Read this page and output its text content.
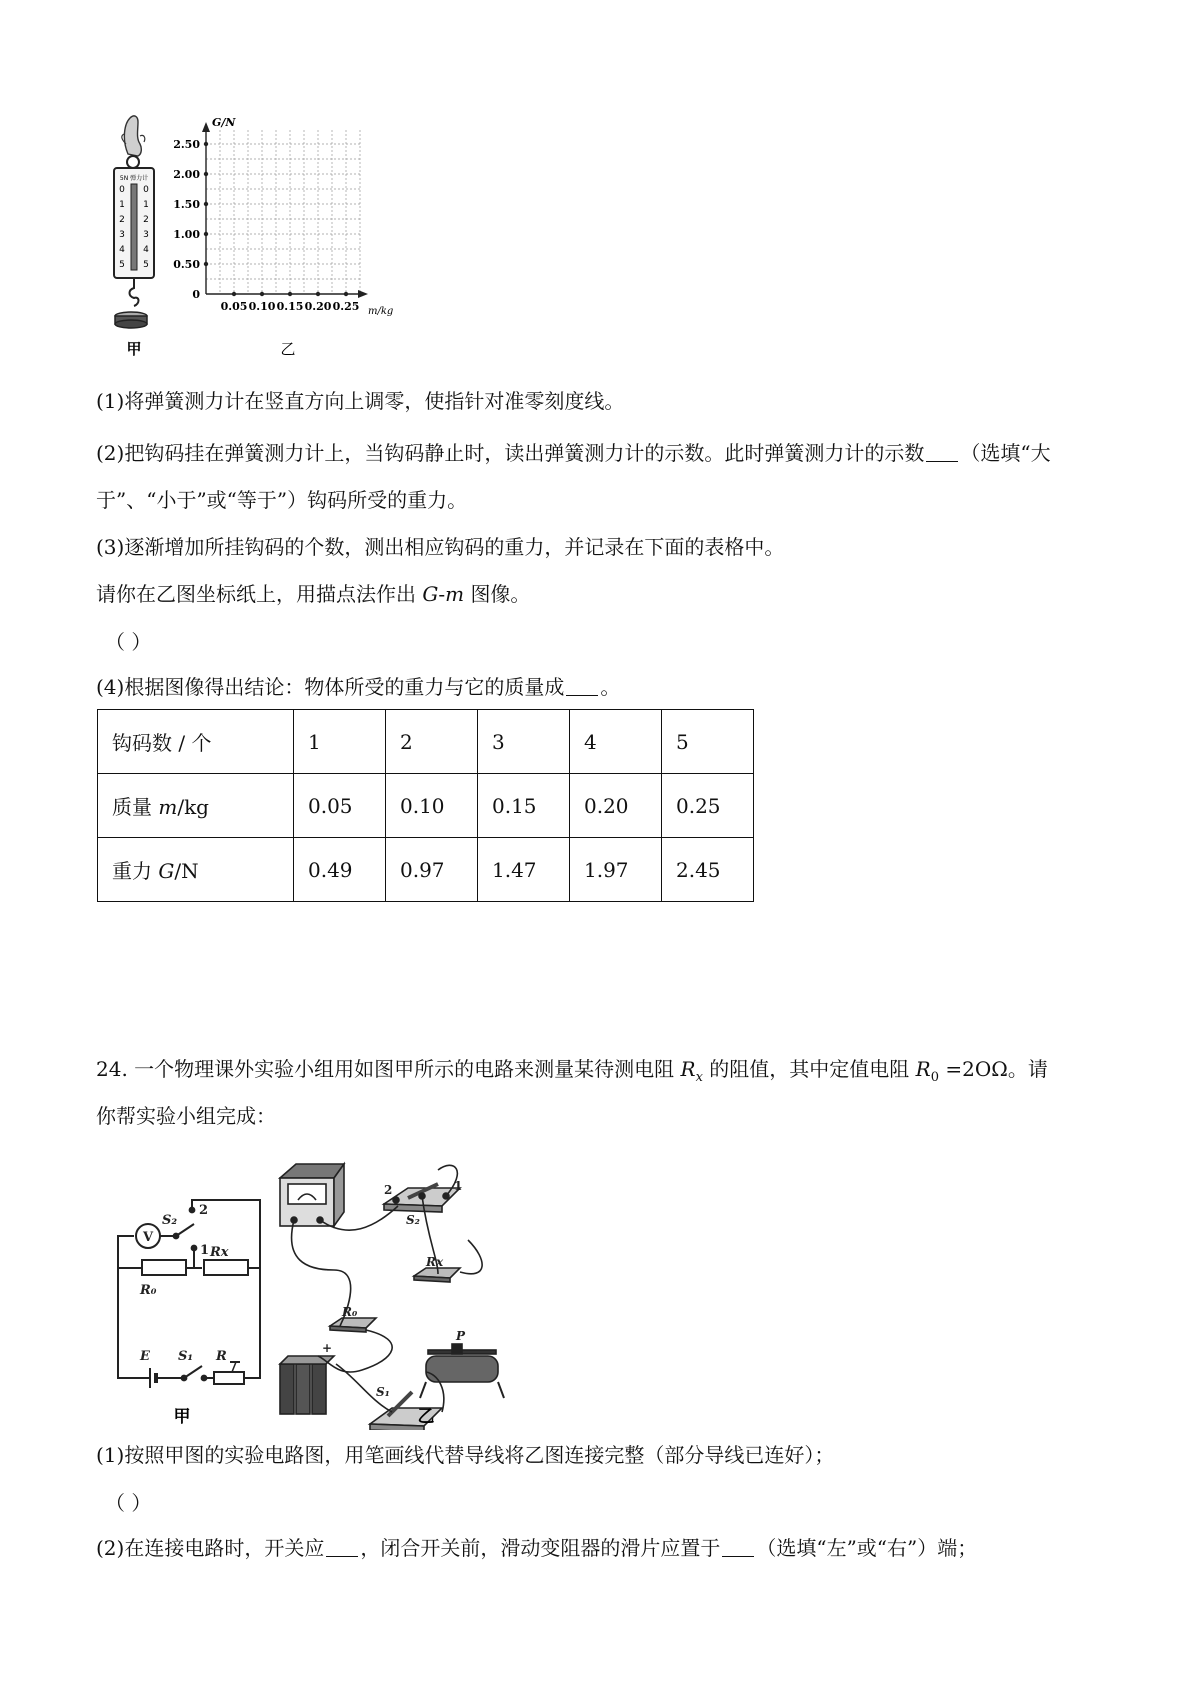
5N 弹力计
0
1
2
3
4
5
0
1
2
3
4
5
甲
G/N
2.50
2.00
1.50
1.00
0.50
0
0.05 0.10 0.15 0.20 0.25 m/kg
乙
(1)将弹簧测力计在竖直方向上调零，使指针对准零刻度线。
(2)把钩码挂在弹簧测力计上，当钩码静止时，读出弹簧测力计的示数。此时弹簧测力计的示数 （选填“大
于”、“小于”或“等于”）钩码所受的重力。
(3)逐渐增加所挂钩码的个数，测出相应钩码的重力，并记录在下面的表格中。
请你在乙图坐标纸上，用描点法作出 G-m 图像。
（ ）
(4)根据图像得出结论：物体所受的重力与它的质量成 。
钩码数 / 个	1	2	3	4	5
质量 m/kg	0.05	0.10	0.15	0.20	0.25
重力 G/N	0.49	0.97	1.47	1.97	2.45
24. 一个物理课外实验小组用如图甲所示的电路来测量某待测电阻 $R_x$ 的阻值，其中定值电阻 $R_0 =2O\Omega$。请
你帮实验小组完成：
V
S₂
2
1 Rx
R₀
E S₁ R
甲
2	1
S₂
Rx
R₀
+
P
S₁
乙
(1)按照甲图的实验电路图，用笔画线代替导线将乙图连接完整（部分导线已连好）；
（ ）
(2)在连接电路时，开关应 ，闭合开关前，滑动变阻器的滑片应置于 （选填“左”或“右”）端；
